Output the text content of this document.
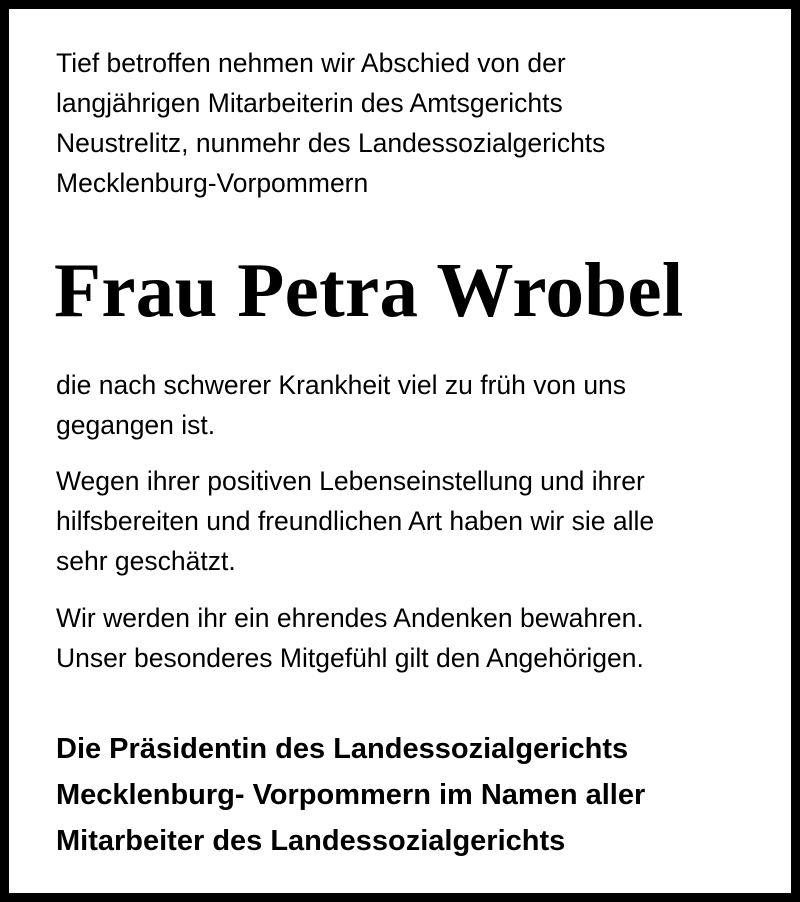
Tief betroffen nehmen wir Abschied von der
langjährigen Mitarbeiterin des Amtsgerichts
Neustrelitz, nunmehr des Landessozialgerichts
Mecklenburg-Vorpommern

Frau Petra Wrobel

die nach schwerer Krankheit viel zu früh von uns
gegangen ist.

Wegen ihrer positiven Lebenseinstellung und ihrer
hilfsbereiten und freundlichen Art haben wir sie alle
sehr geschätzt.

Wir werden ihr ein ehrendes Andenken bewahren.
Unser besonderes Mitgefühl gilt den Angehörigen.

Die Präsidentin des Landessozialgerichts
Mecklenburg- Vorpommern im Namen aller
Mitarbeiter des Landessozialgerichts
